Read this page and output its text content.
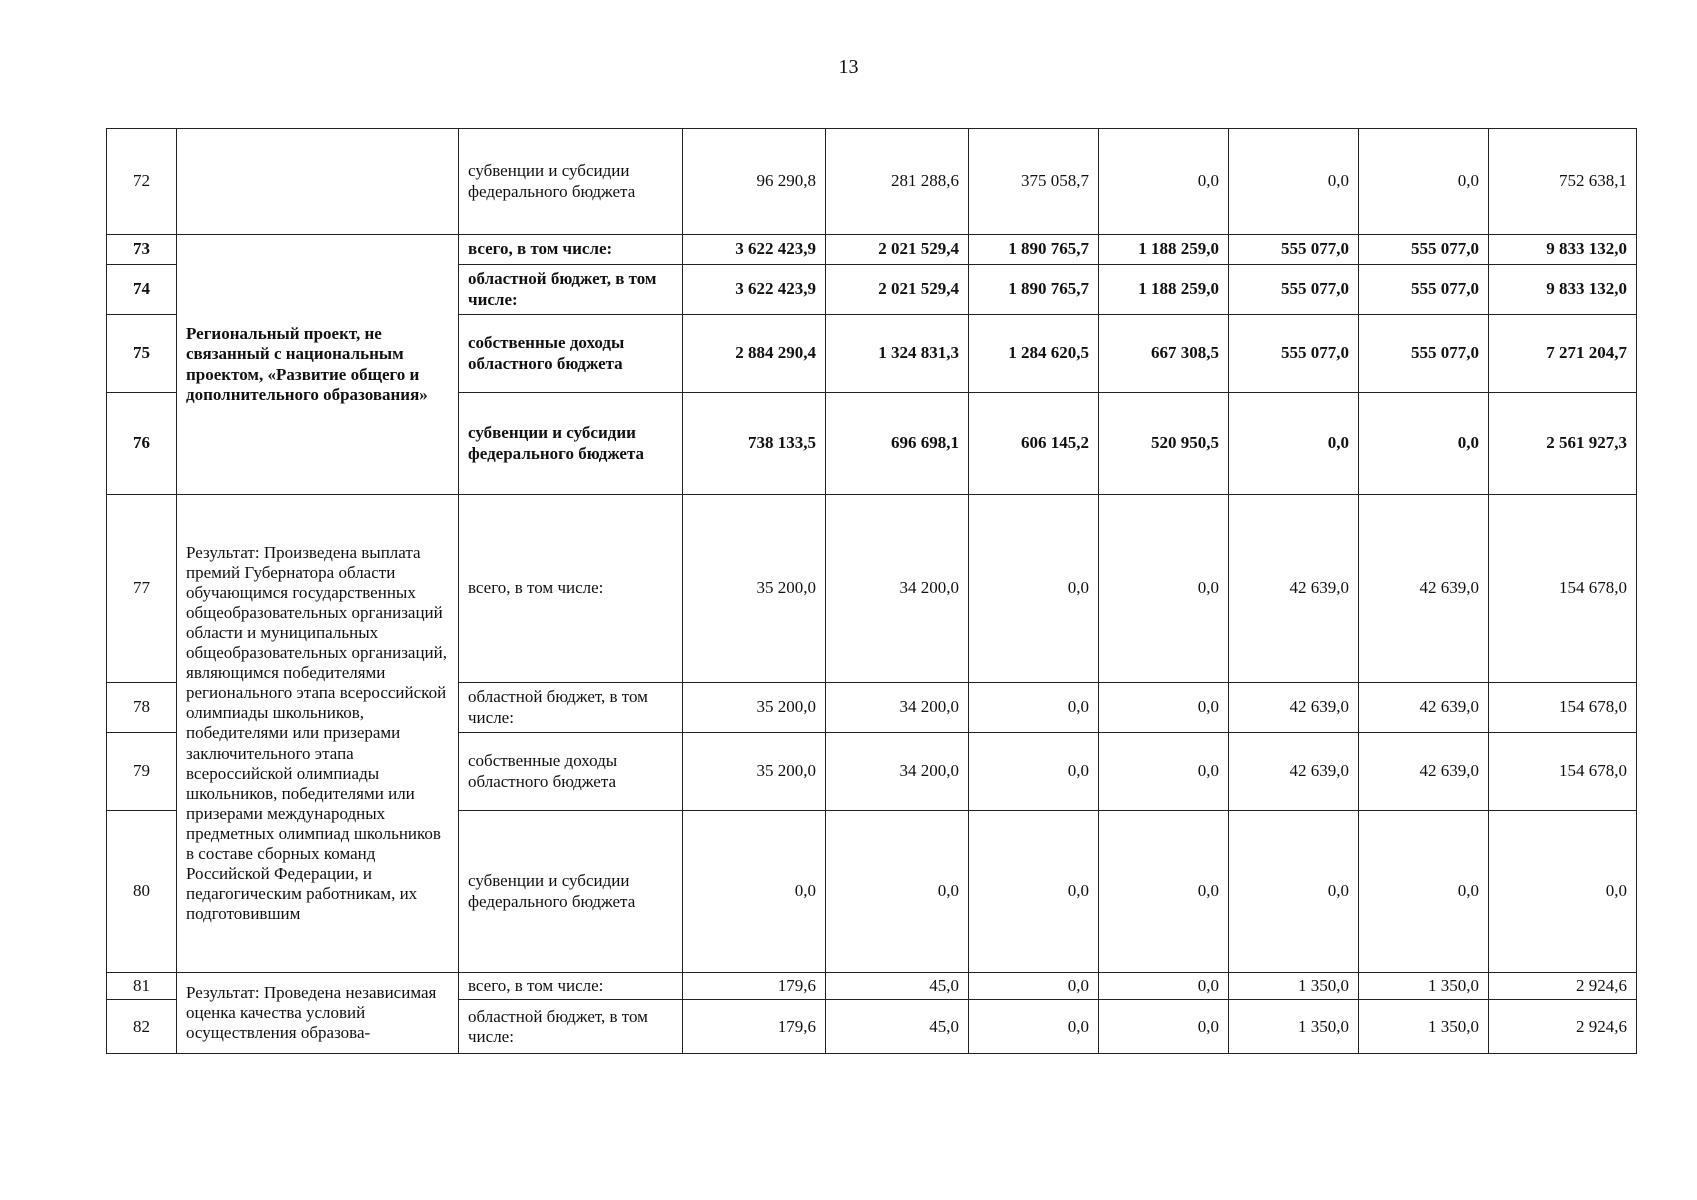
13
72		субвенции и субсидии федерального бюджета	96 290,8	281 288,6	375 058,7	0,0	0,0	0,0	752 638,1
73	Региональный проект, не связанный с национальным проектом, «Развитие общего и дополнительного образования»	всего, в том числе:	3 622 423,9	2 021 529,4	1 890 765,7	1 188 259,0	555 077,0	555 077,0	9 833 132,0
74		областной бюджет, в том числе:	3 622 423,9	2 021 529,4	1 890 765,7	1 188 259,0	555 077,0	555 077,0	9 833 132,0
75		собственные доходы областного бюджета	2 884 290,4	1 324 831,3	1 284 620,5	667 308,5	555 077,0	555 077,0	7 271 204,7
76		субвенции и субсидии федерального бюджета	738 133,5	696 698,1	606 145,2	520 950,5	0,0	0,0	2 561 927,3
77	Результат: Произведена выплата премий Губернатора области обучающимся государственных общеобразовательных организаций области и муниципальных общеобразовательных организаций, являющимся победителями регионального этапа всероссийской олимпиады школьников, победителями или призерами заключительного этапа всероссийской олимпиады школьников, победителями или призерами международных предметных олимпиад школьников в составе сборных команд Российской Федерации, и педагогическим работникам, их подготовившим	всего, в том числе:	35 200,0	34 200,0	0,0	0,0	42 639,0	42 639,0	154 678,0
78		областной бюджет, в том числе:	35 200,0	34 200,0	0,0	0,0	42 639,0	42 639,0	154 678,0
79		собственные доходы областного бюджета	35 200,0	34 200,0	0,0	0,0	42 639,0	42 639,0	154 678,0
80		субвенции и субсидии федерального бюджета	0,0	0,0	0,0	0,0	0,0	0,0	0,0
81	Результат: Проведена независимая оценка качества условий осуществления образова-	всего, в том числе:	179,6	45,0	0,0	0,0	1 350,0	1 350,0	2 924,6
82		областной бюджет, в том числе:	179,6	45,0	0,0	0,0	1 350,0	1 350,0	2 924,6
